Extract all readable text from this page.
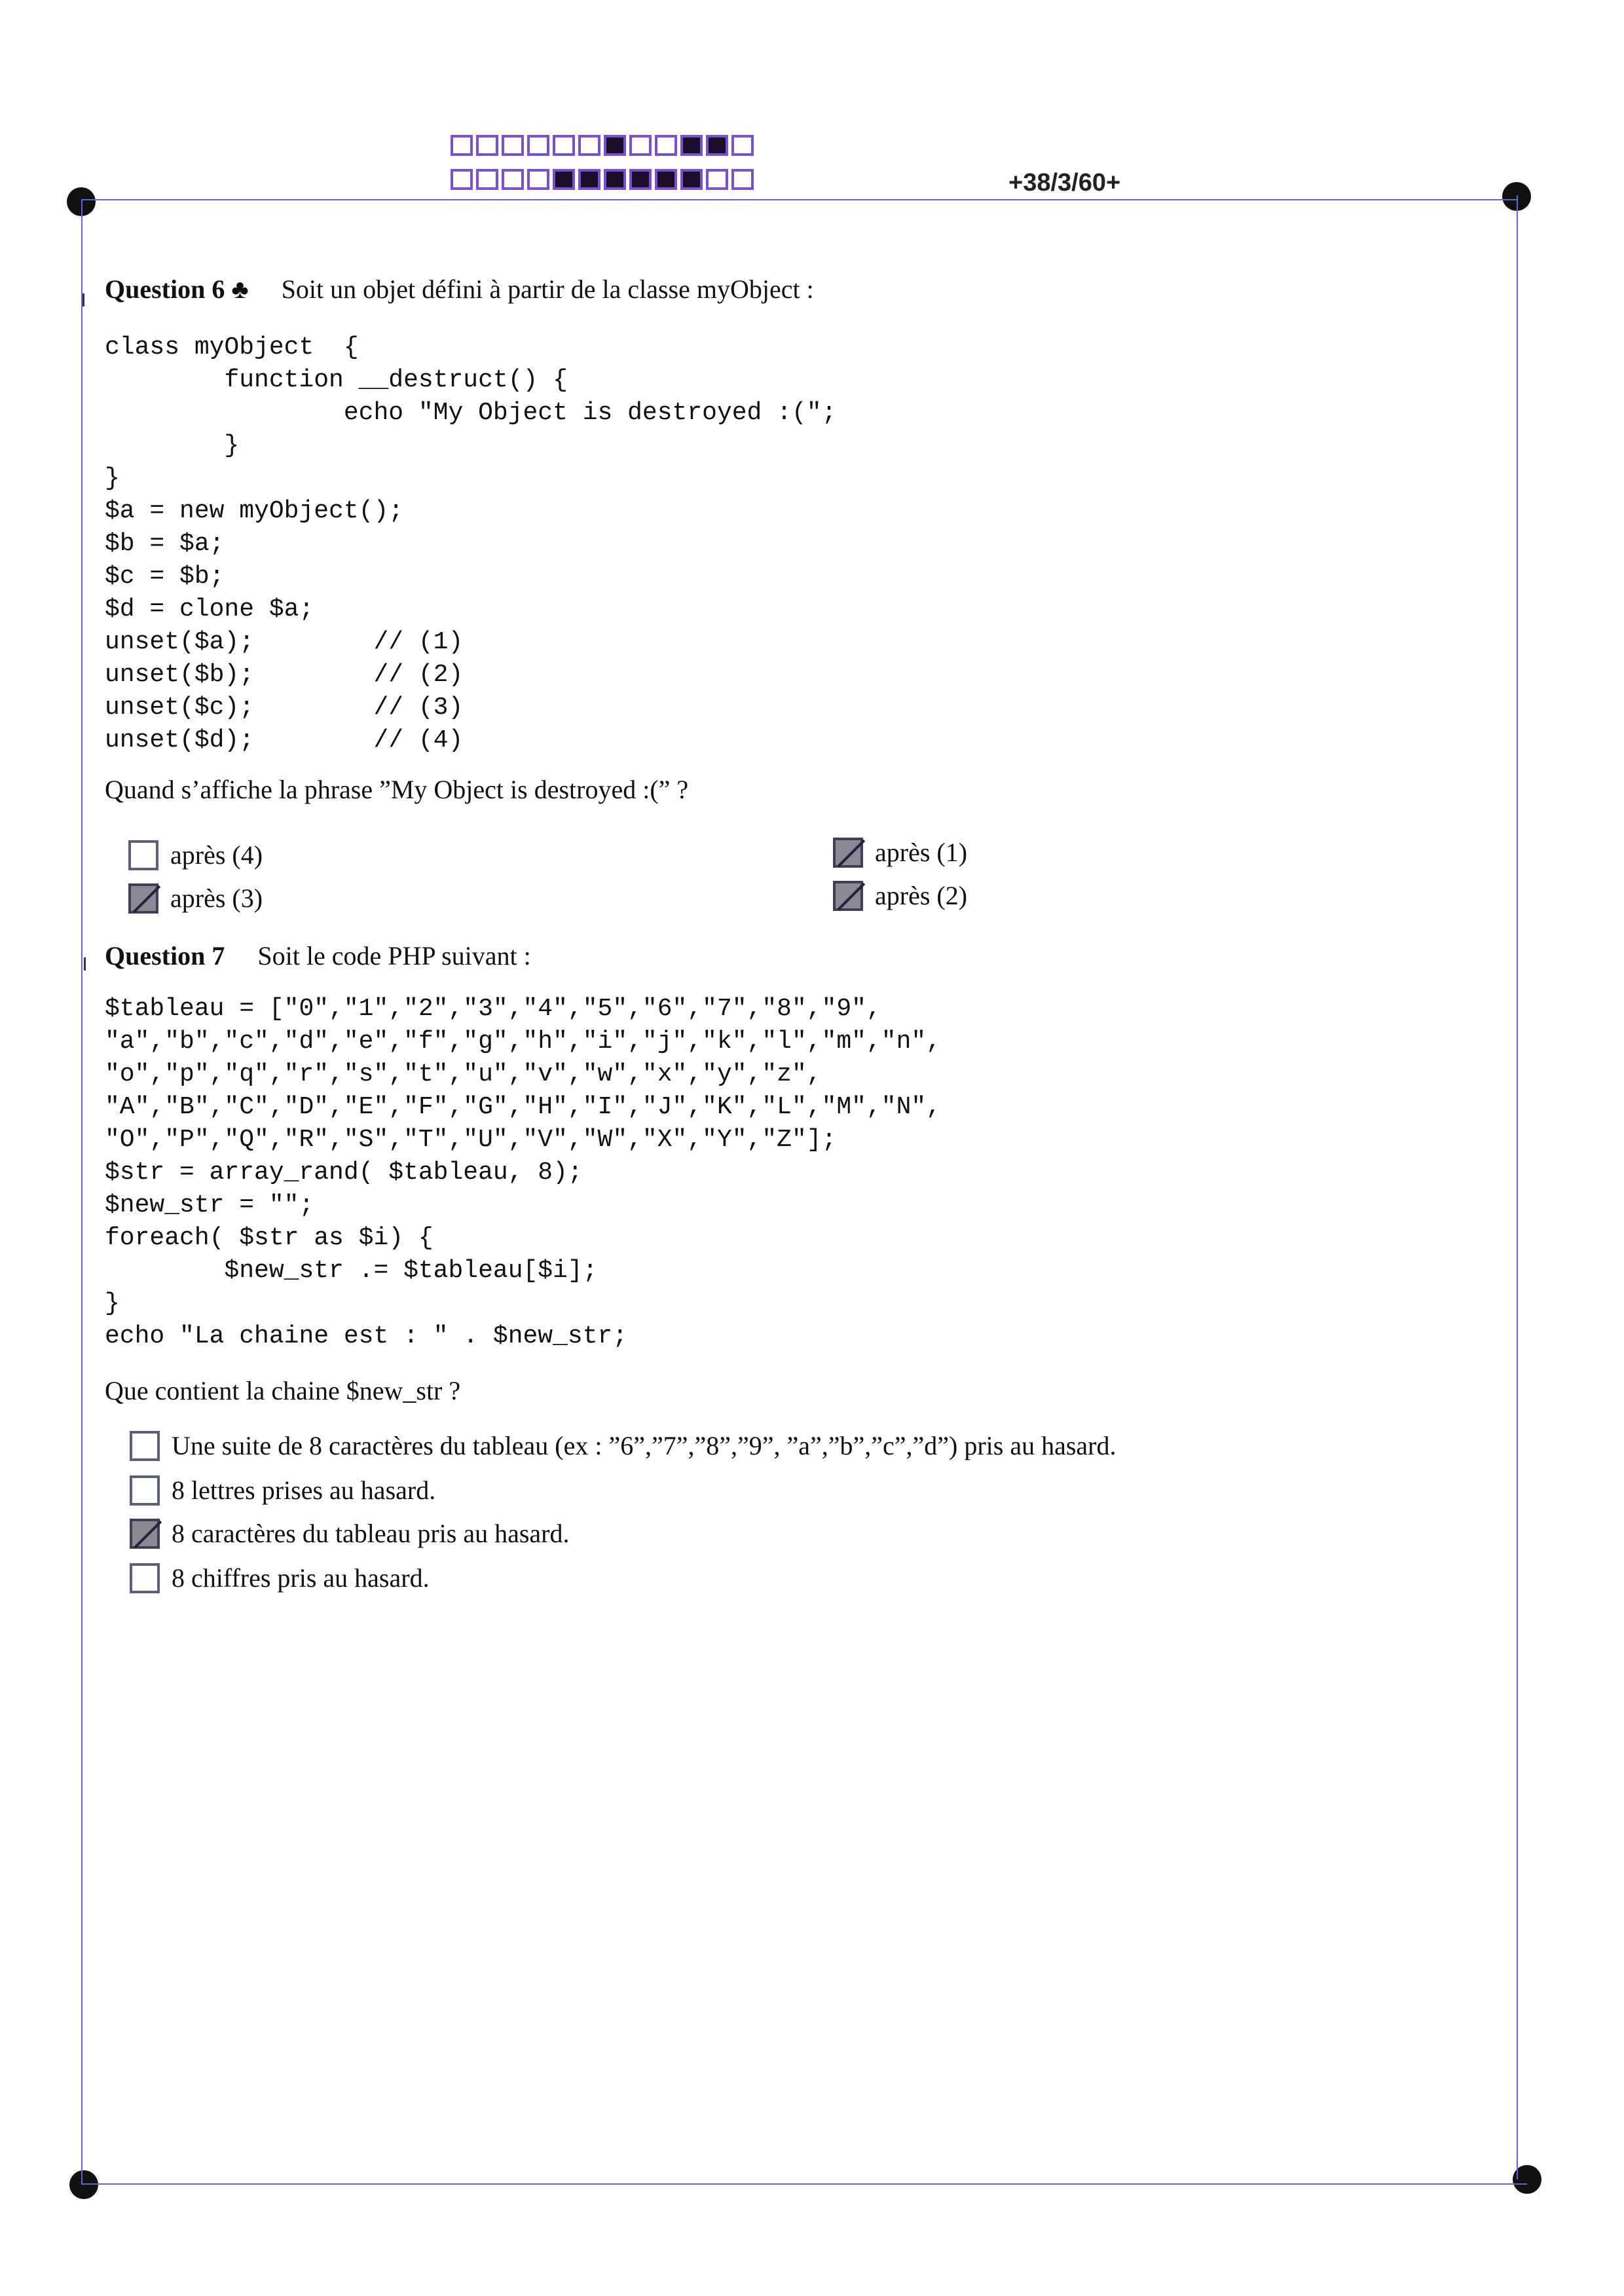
+38/3/60+
Question 6 ♣ Soit un objet défini à partir de la classe myObject :
class myObject  {
function __destruct() {
echo "My Object is destroyed :(";
}
}
$a = new myObject();
$b = $a;
$c = $b;
$d = clone $a;
unset($a);        // (1)
unset($b);        // (2)
unset($c);        // (3)
unset($d);        // (4)
Quand s’affiche la phrase ”My Object is destroyed :(” ?
après (4)
après (3)
après (1)
après (2)
Question 7 Soit le code PHP suivant :
$tableau = ["0","1","2","3","4","5","6","7","8","9",
"a","b","c","d","e","f","g","h","i","j","k","l","m","n",
"o","p","q","r","s","t","u","v","w","x","y","z",
"A","B","C","D","E","F","G","H","I","J","K","L","M","N",
"O","P","Q","R","S","T","U","V","W","X","Y","Z"];
$str = array_rand( $tableau, 8);
$new_str = "";
foreach( $str as $i) {
$new_str .= $tableau[$i];
}
echo "La chaine est : " . $new_str;
Que contient la chaine $new_str ?
Une suite de 8 caractères du tableau (ex : ”6”,”7”,”8”,”9”, ”a”,”b”,”c”,”d”) pris au hasard.
8 lettres prises au hasard.
8 caractères du tableau pris au hasard.
8 chiffres pris au hasard.
